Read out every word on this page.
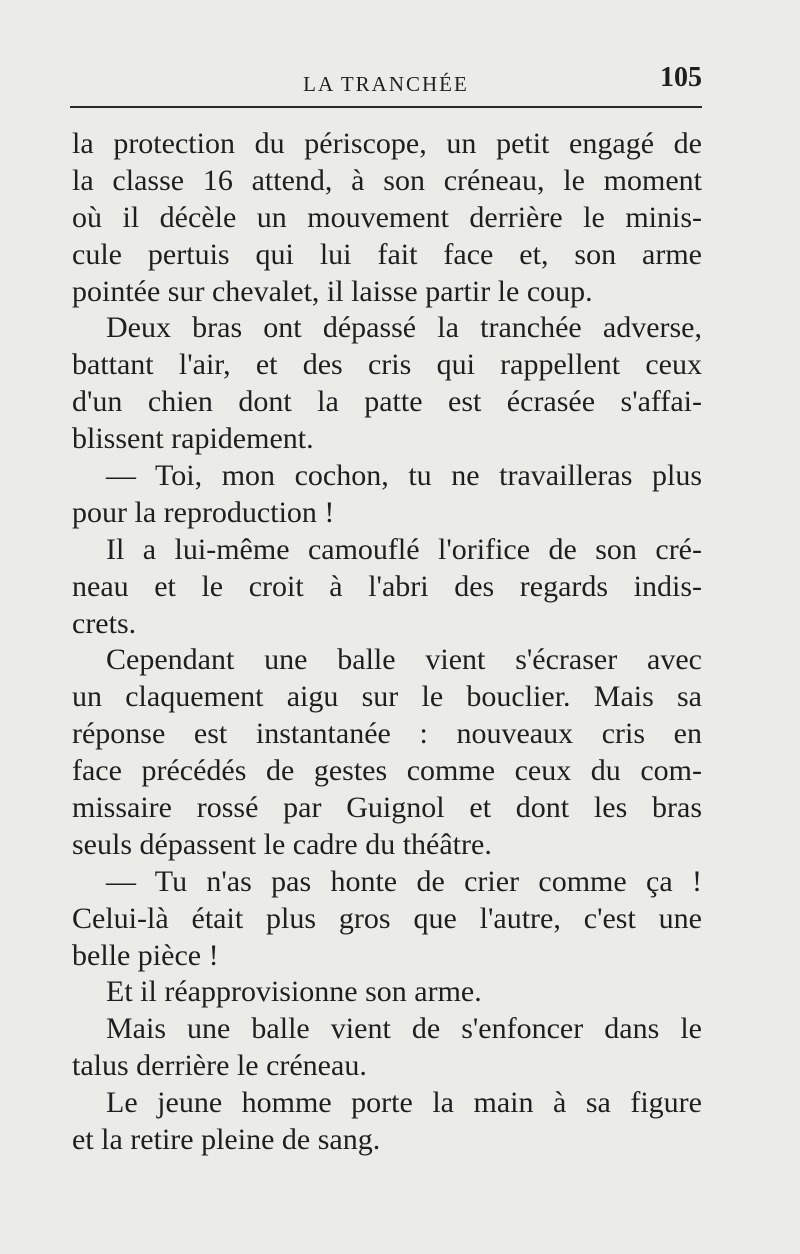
LA TRANCHÉE	105
la protection du périscope, un petit engagé de
la classe 16 attend, à son créneau, le moment
où il décèle un mouvement derrière le minis-
cule pertuis qui lui fait face et, son arme
pointée sur chevalet, il laisse partir le coup.
Deux bras ont dépassé la tranchée adverse,
battant l'air, et des cris qui rappellent ceux
d'un chien dont la patte est écrasée s'affai-
blissent rapidement.
— Toi, mon cochon, tu ne travailleras plus
pour la reproduction !
Il a lui-même camouflé l'orifice de son cré-
neau et le croit à l'abri des regards indis-
crets.
Cependant une balle vient s'écraser avec
un claquement aigu sur le bouclier. Mais sa
réponse est instantanée : nouveaux cris en
face précédés de gestes comme ceux du com-
missaire rossé par Guignol et dont les bras
seuls dépassent le cadre du théâtre.
— Tu n'as pas honte de crier comme ça !
Celui-là était plus gros que l'autre, c'est une
belle pièce !
Et il réapprovisionne son arme.
Mais une balle vient de s'enfoncer dans le
talus derrière le créneau.
Le jeune homme porte la main à sa figure
et la retire pleine de sang.
